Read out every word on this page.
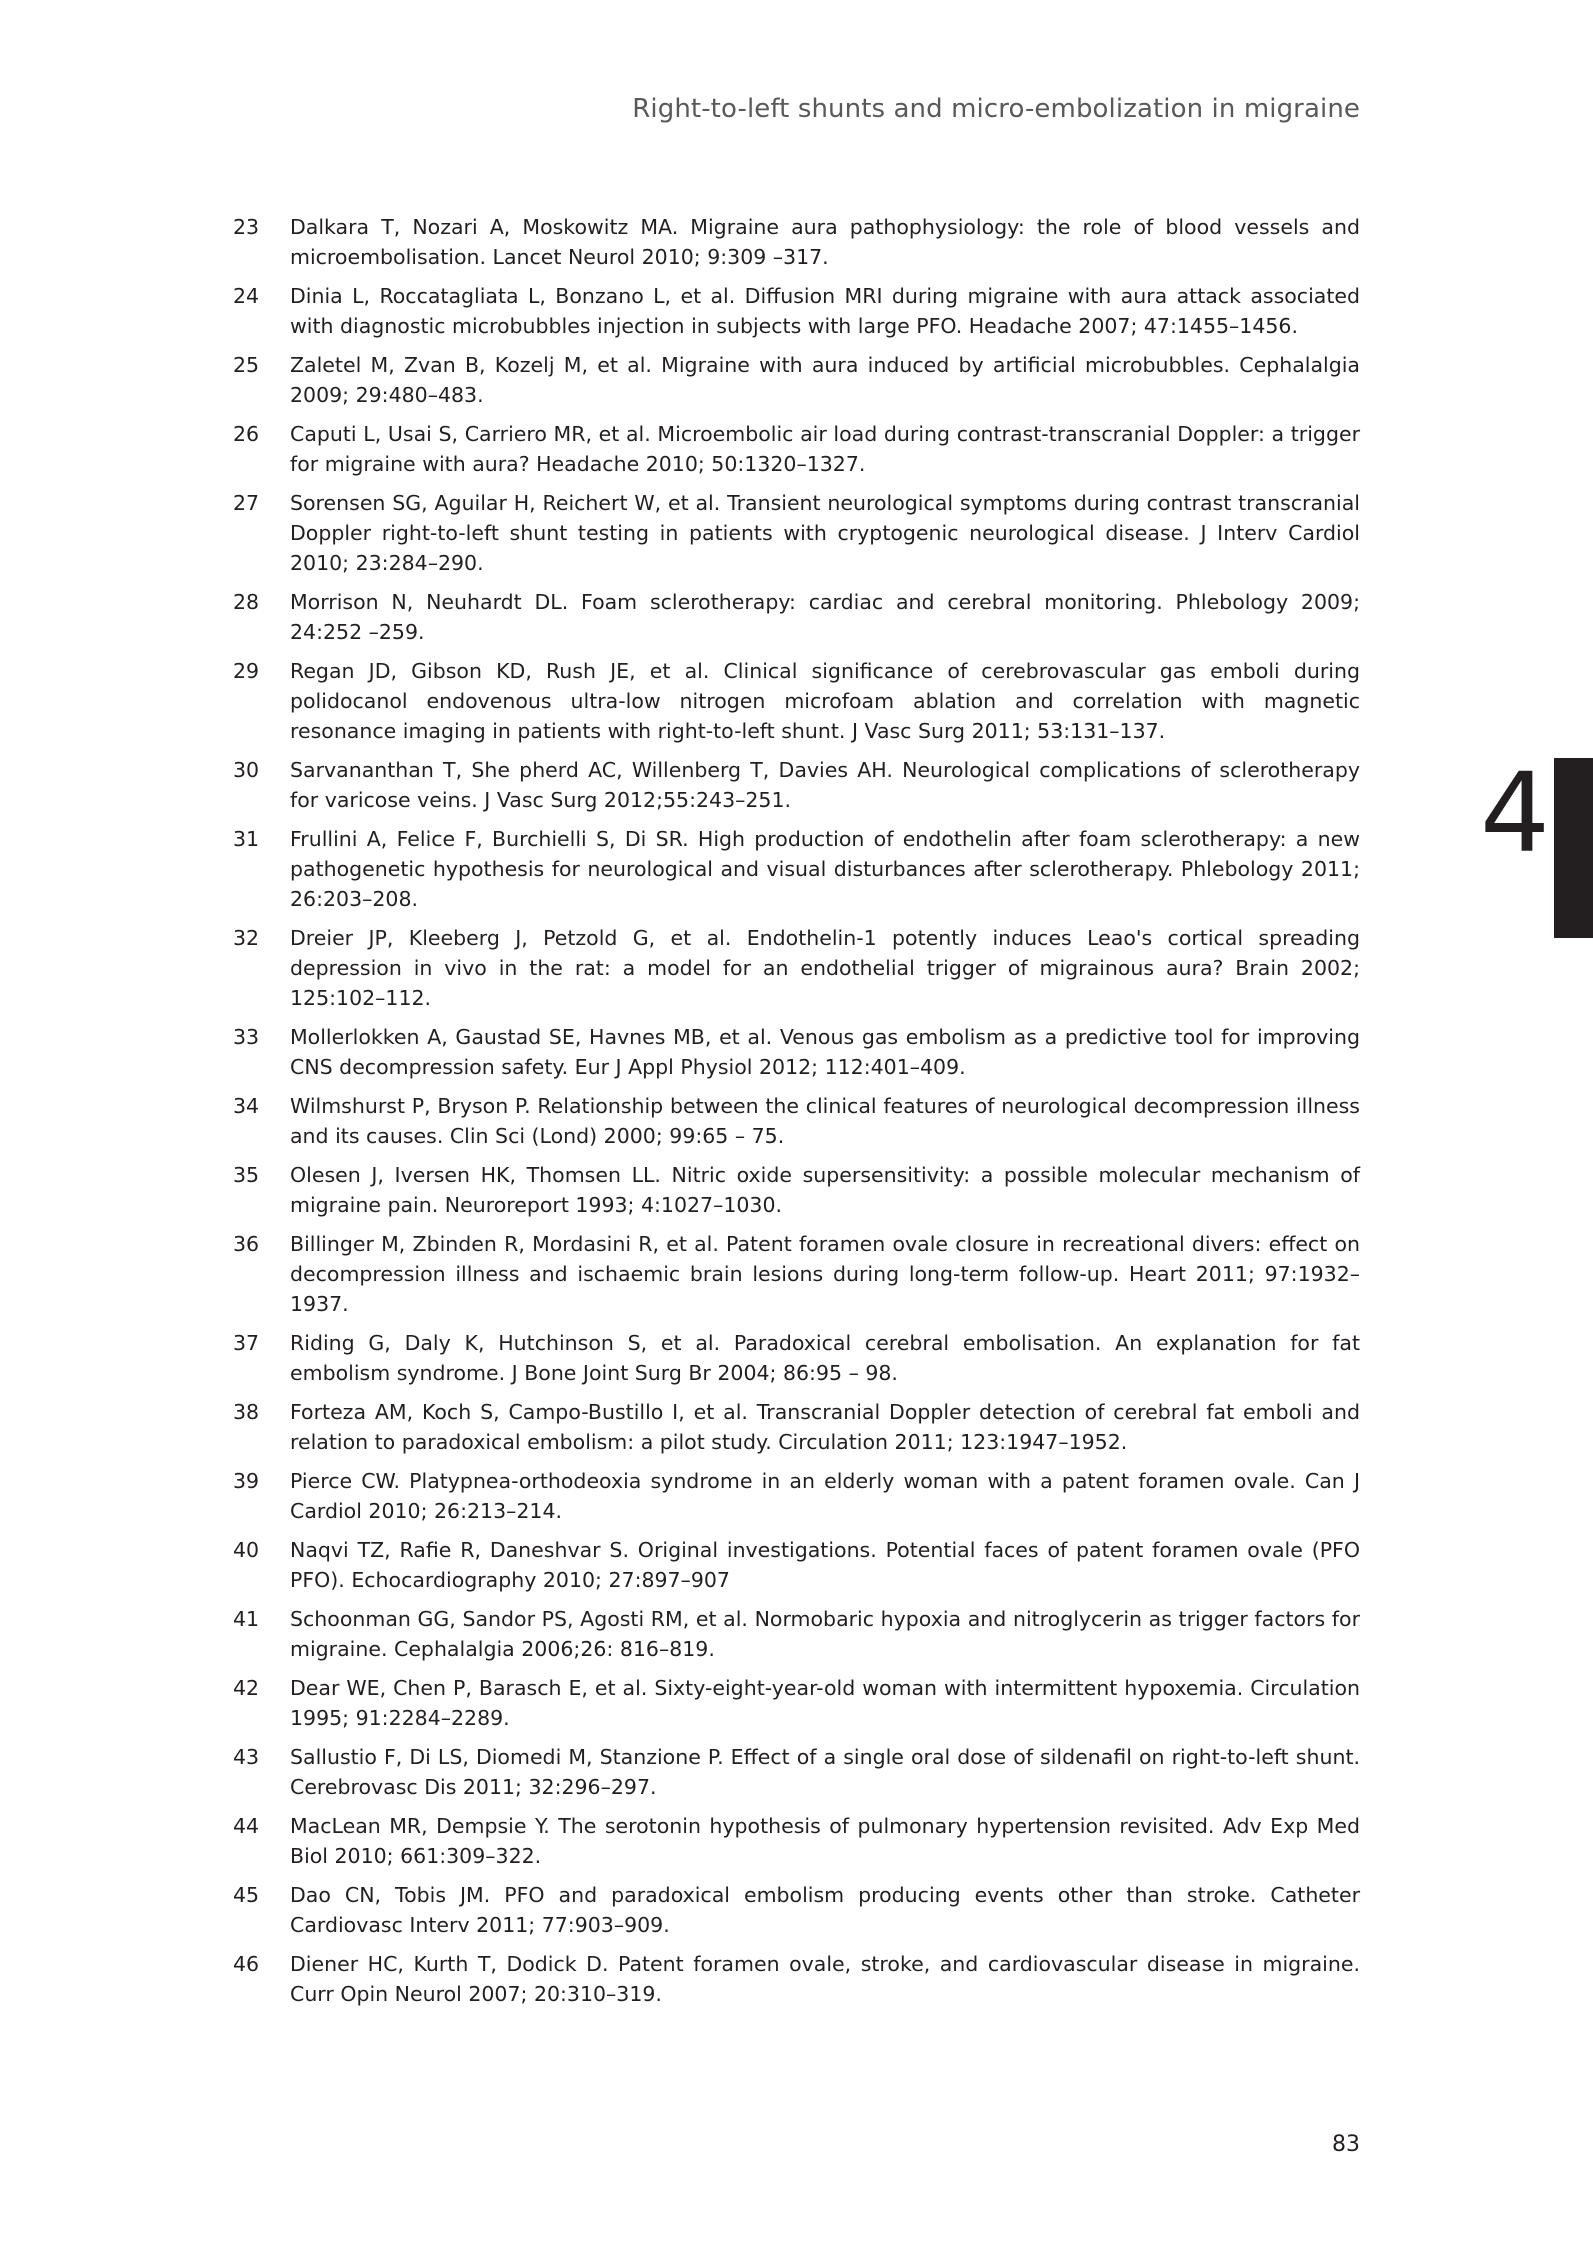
Right-to-left shunts and micro-embolization in migraine
23	Dalkara T, Nozari A, Moskowitz MA. Migraine aura pathophysiology: the role of blood vessels and microembolisation. Lancet Neurol 2010; 9:309 –317.
24	Dinia L, Roccatagliata L, Bonzano L, et al. Diffusion MRI during migraine with aura attack associated with diagnostic microbubbles injection in subjects with large PFO. Headache 2007; 47:1455–1456.
25	Zaletel M, Zvan B, Kozelj M, et al. Migraine with aura induced by artificial microbubbles. Cephalalgia 2009; 29:480–483.
26	Caputi L, Usai S, Carriero MR, et al. Microembolic air load during contrast-transcranial Doppler: a trigger for migraine with aura? Headache 2010; 50:1320–1327.
27	Sorensen SG, Aguilar H, Reichert W, et al. Transient neurological symptoms during contrast transcranial Doppler right-to-left shunt testing in patients with cryptogenic neurological disease. J Interv Cardiol 2010; 23:284–290.
28	Morrison N, Neuhardt DL. Foam sclerotherapy: cardiac and cerebral monitoring. Phlebology 2009; 24:252 –259.
29	Regan JD, Gibson KD, Rush JE, et al. Clinical significance of cerebrovascular gas emboli during polidocanol endovenous ultra-low nitrogen microfoam ablation and correlation with magnetic resonance imaging in patients with right-to-left shunt. J Vasc Surg 2011; 53:131–137.
30	Sarvananthan T, She pherd AC, Willenberg T, Davies AH. Neurological complications of sclerotherapy for varicose veins. J Vasc Surg 2012;55:243–251.
31	Frullini A, Felice F, Burchielli S, Di SR. High production of endothelin after foam sclerotherapy: a new pathogenetic hypothesis for neurological and visual disturbances after sclerotherapy. Phlebology 2011; 26:203–208.
32	Dreier JP, Kleeberg J, Petzold G, et al. Endothelin-1 potently induces Leao's cortical spreading depression in vivo in the rat: a model for an endothelial trigger of migrainous aura? Brain 2002; 125:102–112.
33	Mollerlokken A, Gaustad SE, Havnes MB, et al. Venous gas embolism as a predictive tool for improving CNS decompression safety. Eur J Appl Physiol 2012; 112:401–409.
34	Wilmshurst P, Bryson P. Relationship between the clinical features of neurological decompression illness and its causes. Clin Sci (Lond) 2000; 99:65 – 75.
35	Olesen J, Iversen HK, Thomsen LL. Nitric oxide supersensitivity: a possible molecular mechanism of migraine pain. Neuroreport 1993; 4:1027–1030.
36	Billinger M, Zbinden R, Mordasini R, et al. Patent foramen ovale closure in recreational divers: effect on decompression illness and ischaemic brain lesions during long-term follow-up. Heart 2011; 97:1932–1937.
37	Riding G, Daly K, Hutchinson S, et al. Paradoxical cerebral embolisation. An explanation for fat embolism syndrome. J Bone Joint Surg Br 2004; 86:95 – 98.
38	Forteza AM, Koch S, Campo-Bustillo I, et al. Transcranial Doppler detection of cerebral fat emboli and relation to paradoxical embolism: a pilot study. Circulation 2011; 123:1947–1952.
39	Pierce CW. Platypnea-orthodeoxia syndrome in an elderly woman with a patent foramen ovale. Can J Cardiol 2010; 26:213–214.
40	Naqvi TZ, Rafie R, Daneshvar S. Original investigations. Potential faces of patent foramen ovale (PFO PFO). Echocardiography 2010; 27:897–907
41	Schoonman GG, Sandor PS, Agosti RM, et al. Normobaric hypoxia and nitroglycerin as trigger factors for migraine. Cephalalgia 2006;26: 816–819.
42	Dear WE, Chen P, Barasch E, et al. Sixty-eight-year-old woman with intermittent hypoxemia. Circulation 1995; 91:2284–2289.
43	Sallustio F, Di LS, Diomedi M, Stanzione P. Effect of a single oral dose of sildenafil on right-to-left shunt. Cerebrovasc Dis 2011; 32:296–297.
44	MacLean MR, Dempsie Y. The serotonin hypothesis of pulmonary hypertension revisited. Adv Exp Med Biol 2010; 661:309–322.
45	Dao CN, Tobis JM. PFO and paradoxical embolism producing events other than stroke. Catheter Cardiovasc Interv 2011; 77:903–909.
46	Diener HC, Kurth T, Dodick D. Patent foramen ovale, stroke, and cardiovascular disease in migraine. Curr Opin Neurol 2007; 20:310–319.
4
83
